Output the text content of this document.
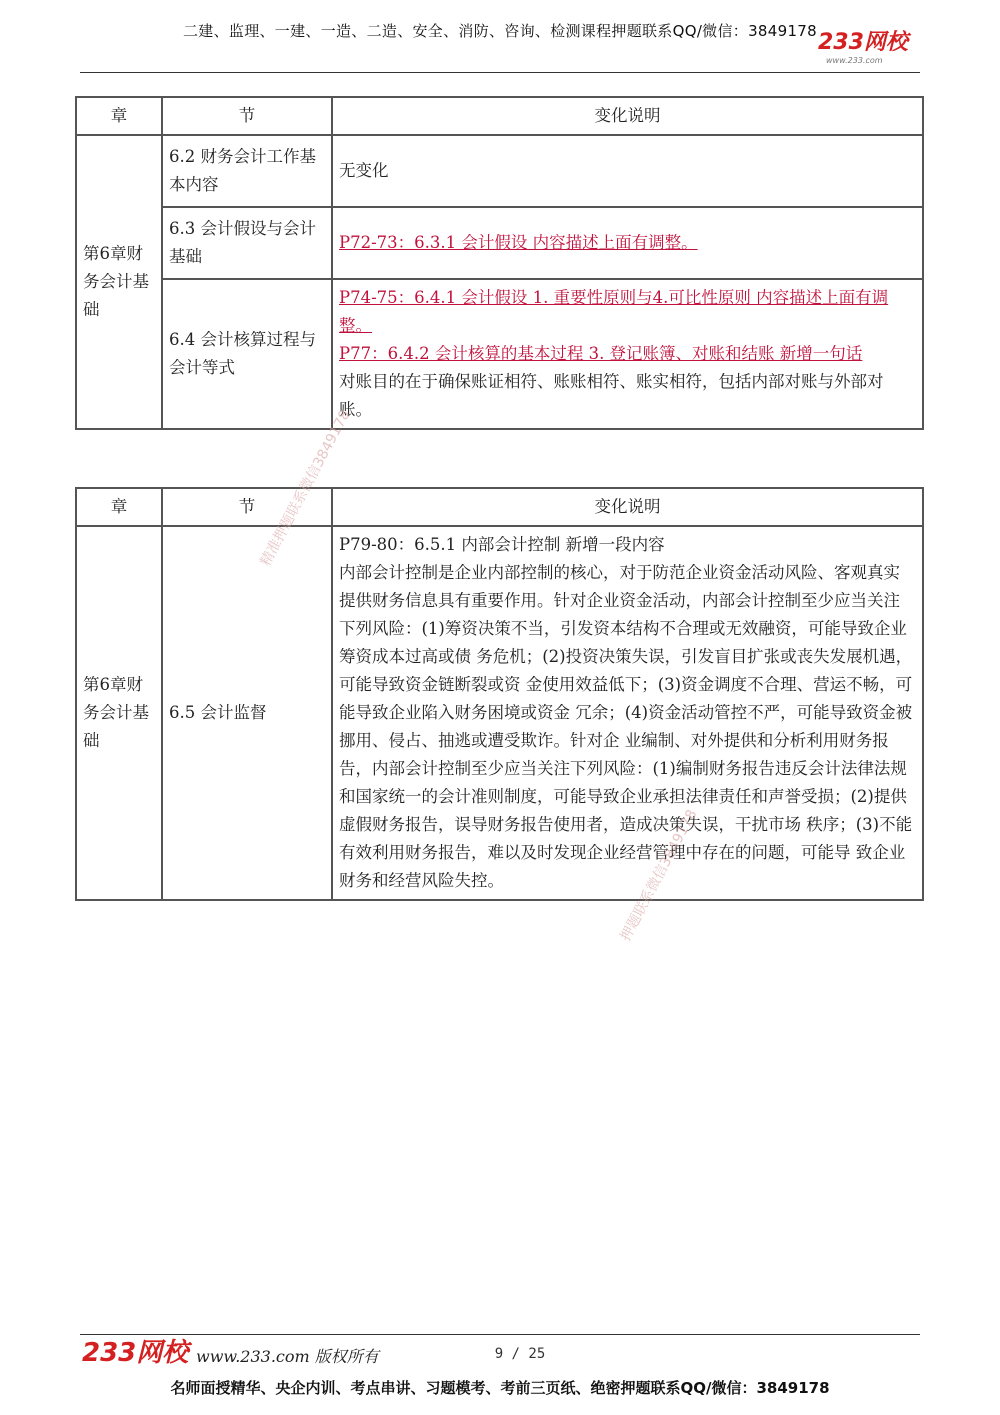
二建、监理、一建、一造、二造、安全、消防、咨询、检测课程押题联系QQ/微信：3849178 233网校
www.233.com
章	节	变化说明
第6章财务会计基础	6.2 财务会计工作基本内容	无变化
	6.3 会计假设与会计基础	P72-73：6.3.1 会计假设 内容描述上面有调整。
	6.4 会计核算过程与会计等式	P74-75：6.4.1 会计假设 1. 重要性原则与4.可比性原则 内容描述上面有调整。
P77：6.4.2 会计核算的基本过程 3. 登记账簿、对账和结账 新增一句话
对账目的在于确保账证相符、账账相符、账实相符，包括内部对账与外部对账。
章	节	变化说明
第6章财务会计基础	6.5 会计监督	P79-80：6.5.1 内部会计控制 新增一段内容
内部会计控制是企业内部控制的核心，对于防范企业资金活动风险、客观真实提供财务信息具有重要作用。针对企业资金活动，内部会计控制至少应当关注下列风险：(1)筹资决策不当，引发资本结构不合理或无效融资，可能导致企业筹资成本过高或债 务危机；(2)投资决策失误，引发盲目扩张或丧失发展机遇，可能导致资金链断裂或资 金使用效益低下；(3)资金调度不合理、营运不畅，可能导致企业陷入财务困境或资金 冗余；(4)资金活动管控不严，可能导致资金被挪用、侵占、抽逃或遭受欺诈。针对企 业编制、对外提供和分析利用财务报告，内部会计控制至少应当关注下列风险：(1)编制财务报告违反会计法律法规和国家统一的会计准则制度，可能导致企业承担法律责任和声誉受损；(2)提供虚假财务报告，误导财务报告使用者，造成决策失误，干扰市场 秩序；(3)不能有效利用财务报告，难以及时发现企业经营管理中存在的问题，可能导 致企业财务和经营风险失控。
精准押题联系微信3849178
押题联系微信3849178
233网校 www.233.com 版权所有	9 / 25
名师面授精华、央企内训、考点串讲、习题模考、考前三页纸、绝密押题联系QQ/微信：3849178
